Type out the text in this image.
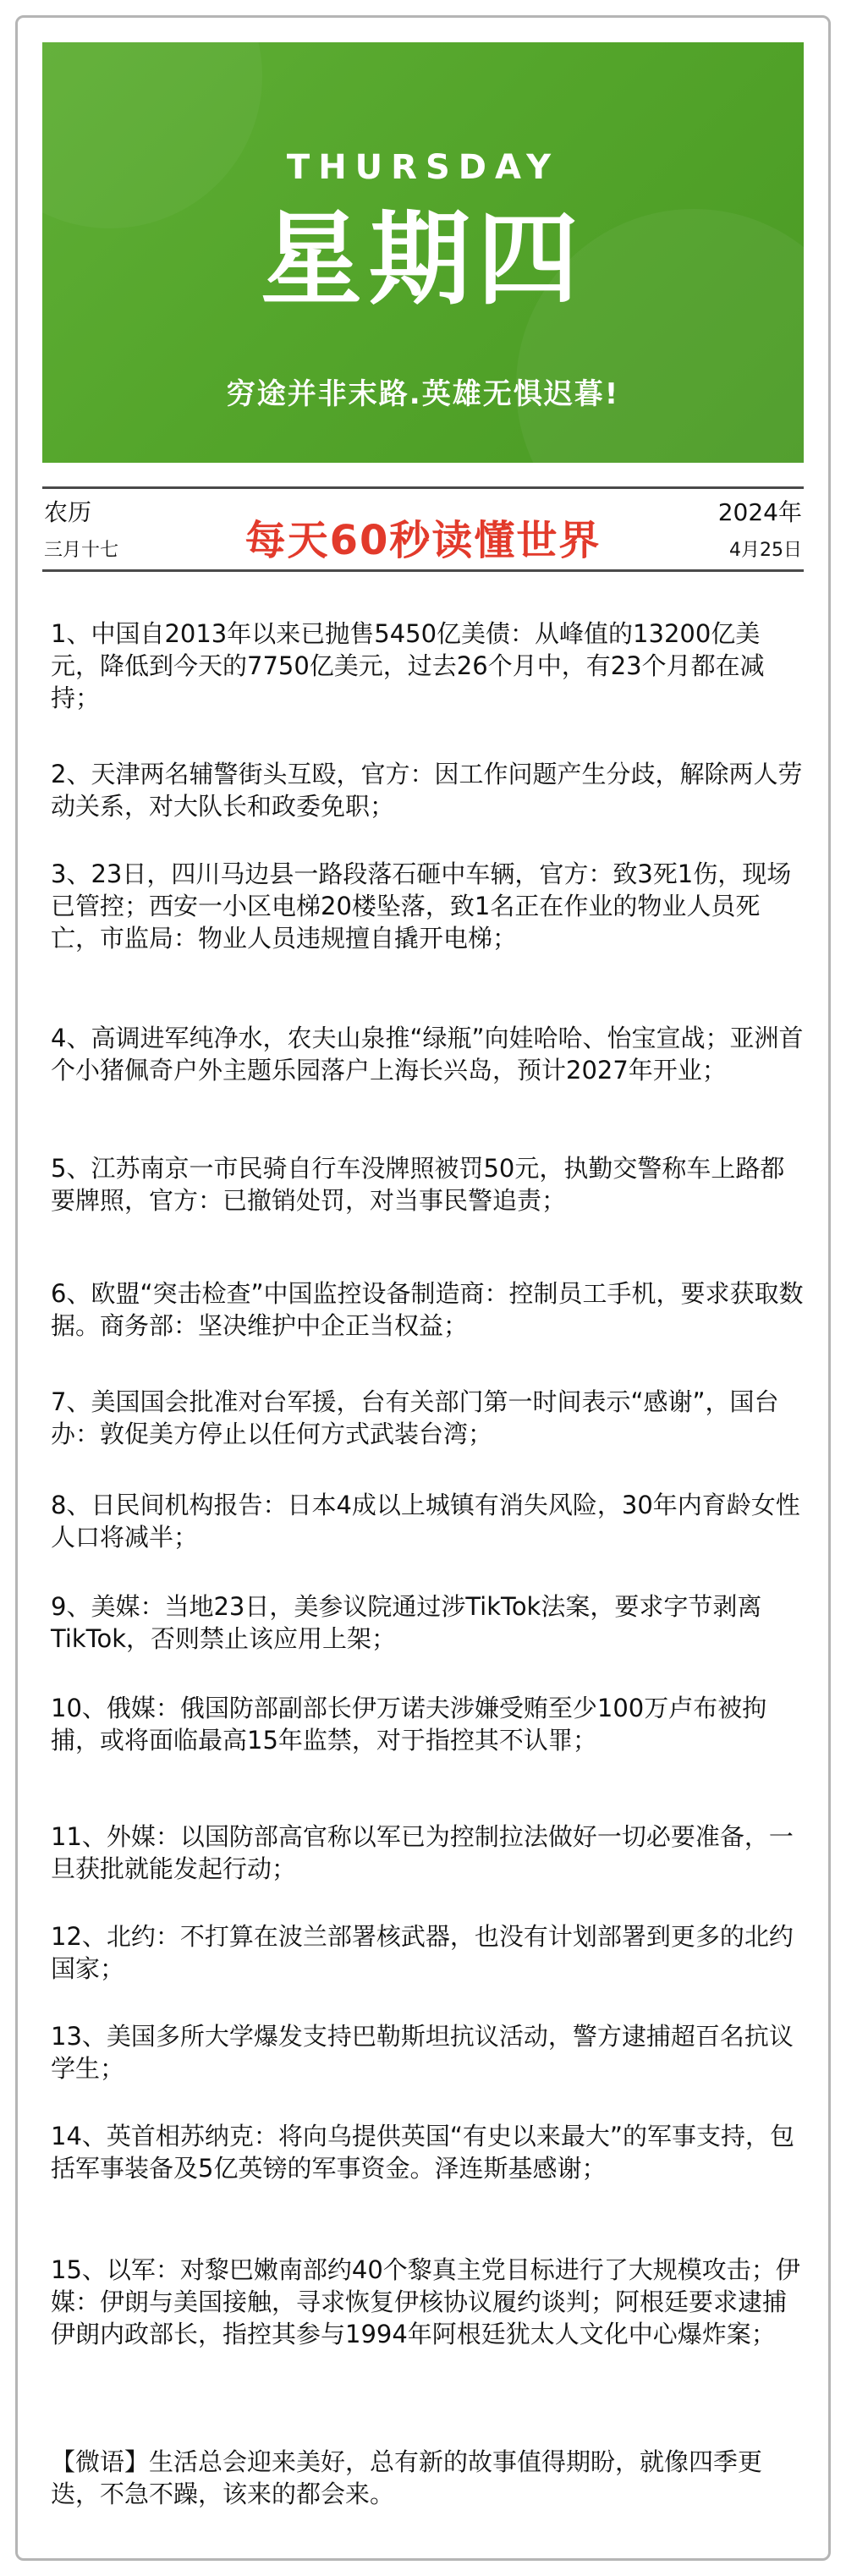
THURSDAY
星期四
穷途并非末路.英雄无惧迟暮!
农历
三月十七	每天60秒读懂世界
2024年
4月25日

1、中国自2013年以来已抛售5450亿美债：从峰值的13200亿美元，降低到今天的7750亿美元，过去26个月中，有23个月都在减持；

2、天津两名辅警街头互殴，官方：因工作问题产生分歧，解除两人劳动关系，对大队长和政委免职；

3、23日，四川马边县一路段落石砸中车辆，官方：致3死1伤，现场已管控；西安一小区电梯20楼坠落，致1名正在作业的物业人员死亡，市监局：物业人员违规擅自撬开电梯；

4、高调进军纯净水，农夫山泉推“绿瓶”向娃哈哈、怡宝宣战；亚洲首个小猪佩奇户外主题乐园落户上海长兴岛，预计2027年开业；

5、江苏南京一市民骑自行车没牌照被罚50元，执勤交警称车上路都要牌照，官方：已撤销处罚，对当事民警追责；

6、欧盟“突击检查”中国监控设备制造商：控制员工手机，要求获取数据。商务部：坚决维护中企正当权益；

7、美国国会批准对台军援，台有关部门第一时间表示“感谢”，国台办：敦促美方停止以任何方式武装台湾；

8、日民间机构报告：日本4成以上城镇有消失风险，30年内育龄女性人口将减半；

9、美媒：当地23日，美参议院通过涉TikTok法案，要求字节剥离TikTok，否则禁止该应用上架；

10、俄媒：俄国防部副部长伊万诺夫涉嫌受贿至少100万卢布被拘捕，或将面临最高15年监禁，对于指控其不认罪；

11、外媒：以国防部高官称以军已为控制拉法做好一切必要准备，一旦获批就能发起行动；

12、北约：不打算在波兰部署核武器，也没有计划部署到更多的北约国家；

13、美国多所大学爆发支持巴勒斯坦抗议活动，警方逮捕超百名抗议学生；

14、英首相苏纳克：将向乌提供英国“有史以来最大”的军事支持，包括军事装备及5亿英镑的军事资金。泽连斯基感谢；

15、以军：对黎巴嫩南部约40个黎真主党目标进行了大规模攻击；伊媒：伊朗与美国接触，寻求恢复伊核协议履约谈判；阿根廷要求逮捕伊朗内政部长，指控其参与1994年阿根廷犹太人文化中心爆炸案；

【微语】生活总会迎来美好，总有新的故事值得期盼，就像四季更迭，不急不躁，该来的都会来。
